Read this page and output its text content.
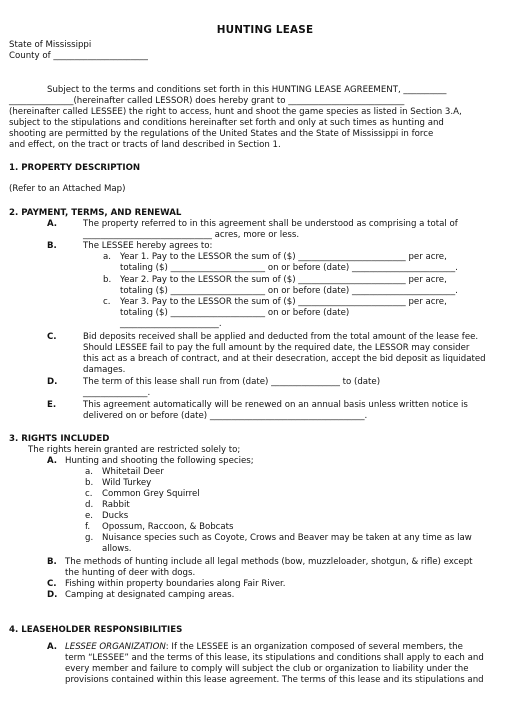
HUNTING LEASE
State of Mississippi
County of ______________________
Subject to the terms and conditions set forth in this HUNTING LEASE AGREEMENT, __________
_______________(hereinafter called LESSOR) does hereby grant to ___________________________
(hereinafter called LESSEE) the right to access, hunt and shoot the game species as listed in Section 3.A,
subject to the stipulations and conditions hereinafter set forth and only at such times as hunting and
shooting are permitted by the regulations of the United States and the State of Mississippi in force
and effect, on the tract or tracts of land described in Section 1.
1. PROPERTY DESCRIPTION
(Refer to an Attached Map)
2. PAYMENT, TERMS, AND RENEWAL
A.	The property referred to in this agreement shall be understood as comprising a total of
______________________________ acres, more or less.
B.	The LESSEE hereby agrees to:
a. Year 1. Pay to the LESSOR the sum of ($) _________________________ per acre,
totaling ($) ______________________ on or before (date) ________________________.
b. Year 2. Pay to the LESSOR the sum of ($) _________________________ per acre,
totaling ($) ______________________ on or before (date) ________________________.
c. Year 3. Pay to the LESSOR the sum of ($) _________________________ per acre,
totaling ($) ______________________ on or before (date)
_______________________.
C.	Bid deposits received shall be applied and deducted from the total amount of the lease fee.
Should LESSEE fail to pay the full amount by the required date, the LESSOR may consider
this act as a breach of contract, and at their desecration, accept the bid deposit as liquidated
damages.
D.	The term of this lease shall run from (date) ________________ to (date)
_______________.
E.	This agreement automatically will be renewed on an annual basis unless written notice is
delivered on or before (date) ____________________________________.
3. RIGHTS INCLUDED
The rights herein granted are restricted solely to;
A. Hunting and shooting the following species;
a. Whitetail Deer
b. Wild Turkey
c. Common Grey Squirrel
d. Rabbit
e. Ducks
f. Opossum, Raccoon, & Bobcats
g. Nuisance species such as Coyote, Crows and Beaver may be taken at any time as law
allows.
B. The methods of hunting include all legal methods (bow, muzzleloader, shotgun, & rifle) except
the hunting of deer with dogs.
C. Fishing within property boundaries along Fair River.
D. Camping at designated camping areas.
4. LEASEHOLDER RESPONSIBILITIES
A. LESSEE ORGANIZATION: If the LESSEE is an organization composed of several members, the
term “LESSEE” and the terms of this lease, its stipulations and conditions shall apply to each and
every member and failure to comply will subject the club or organization to liability under the
provisions contained within this lease agreement. The terms of this lease and its stipulations and
